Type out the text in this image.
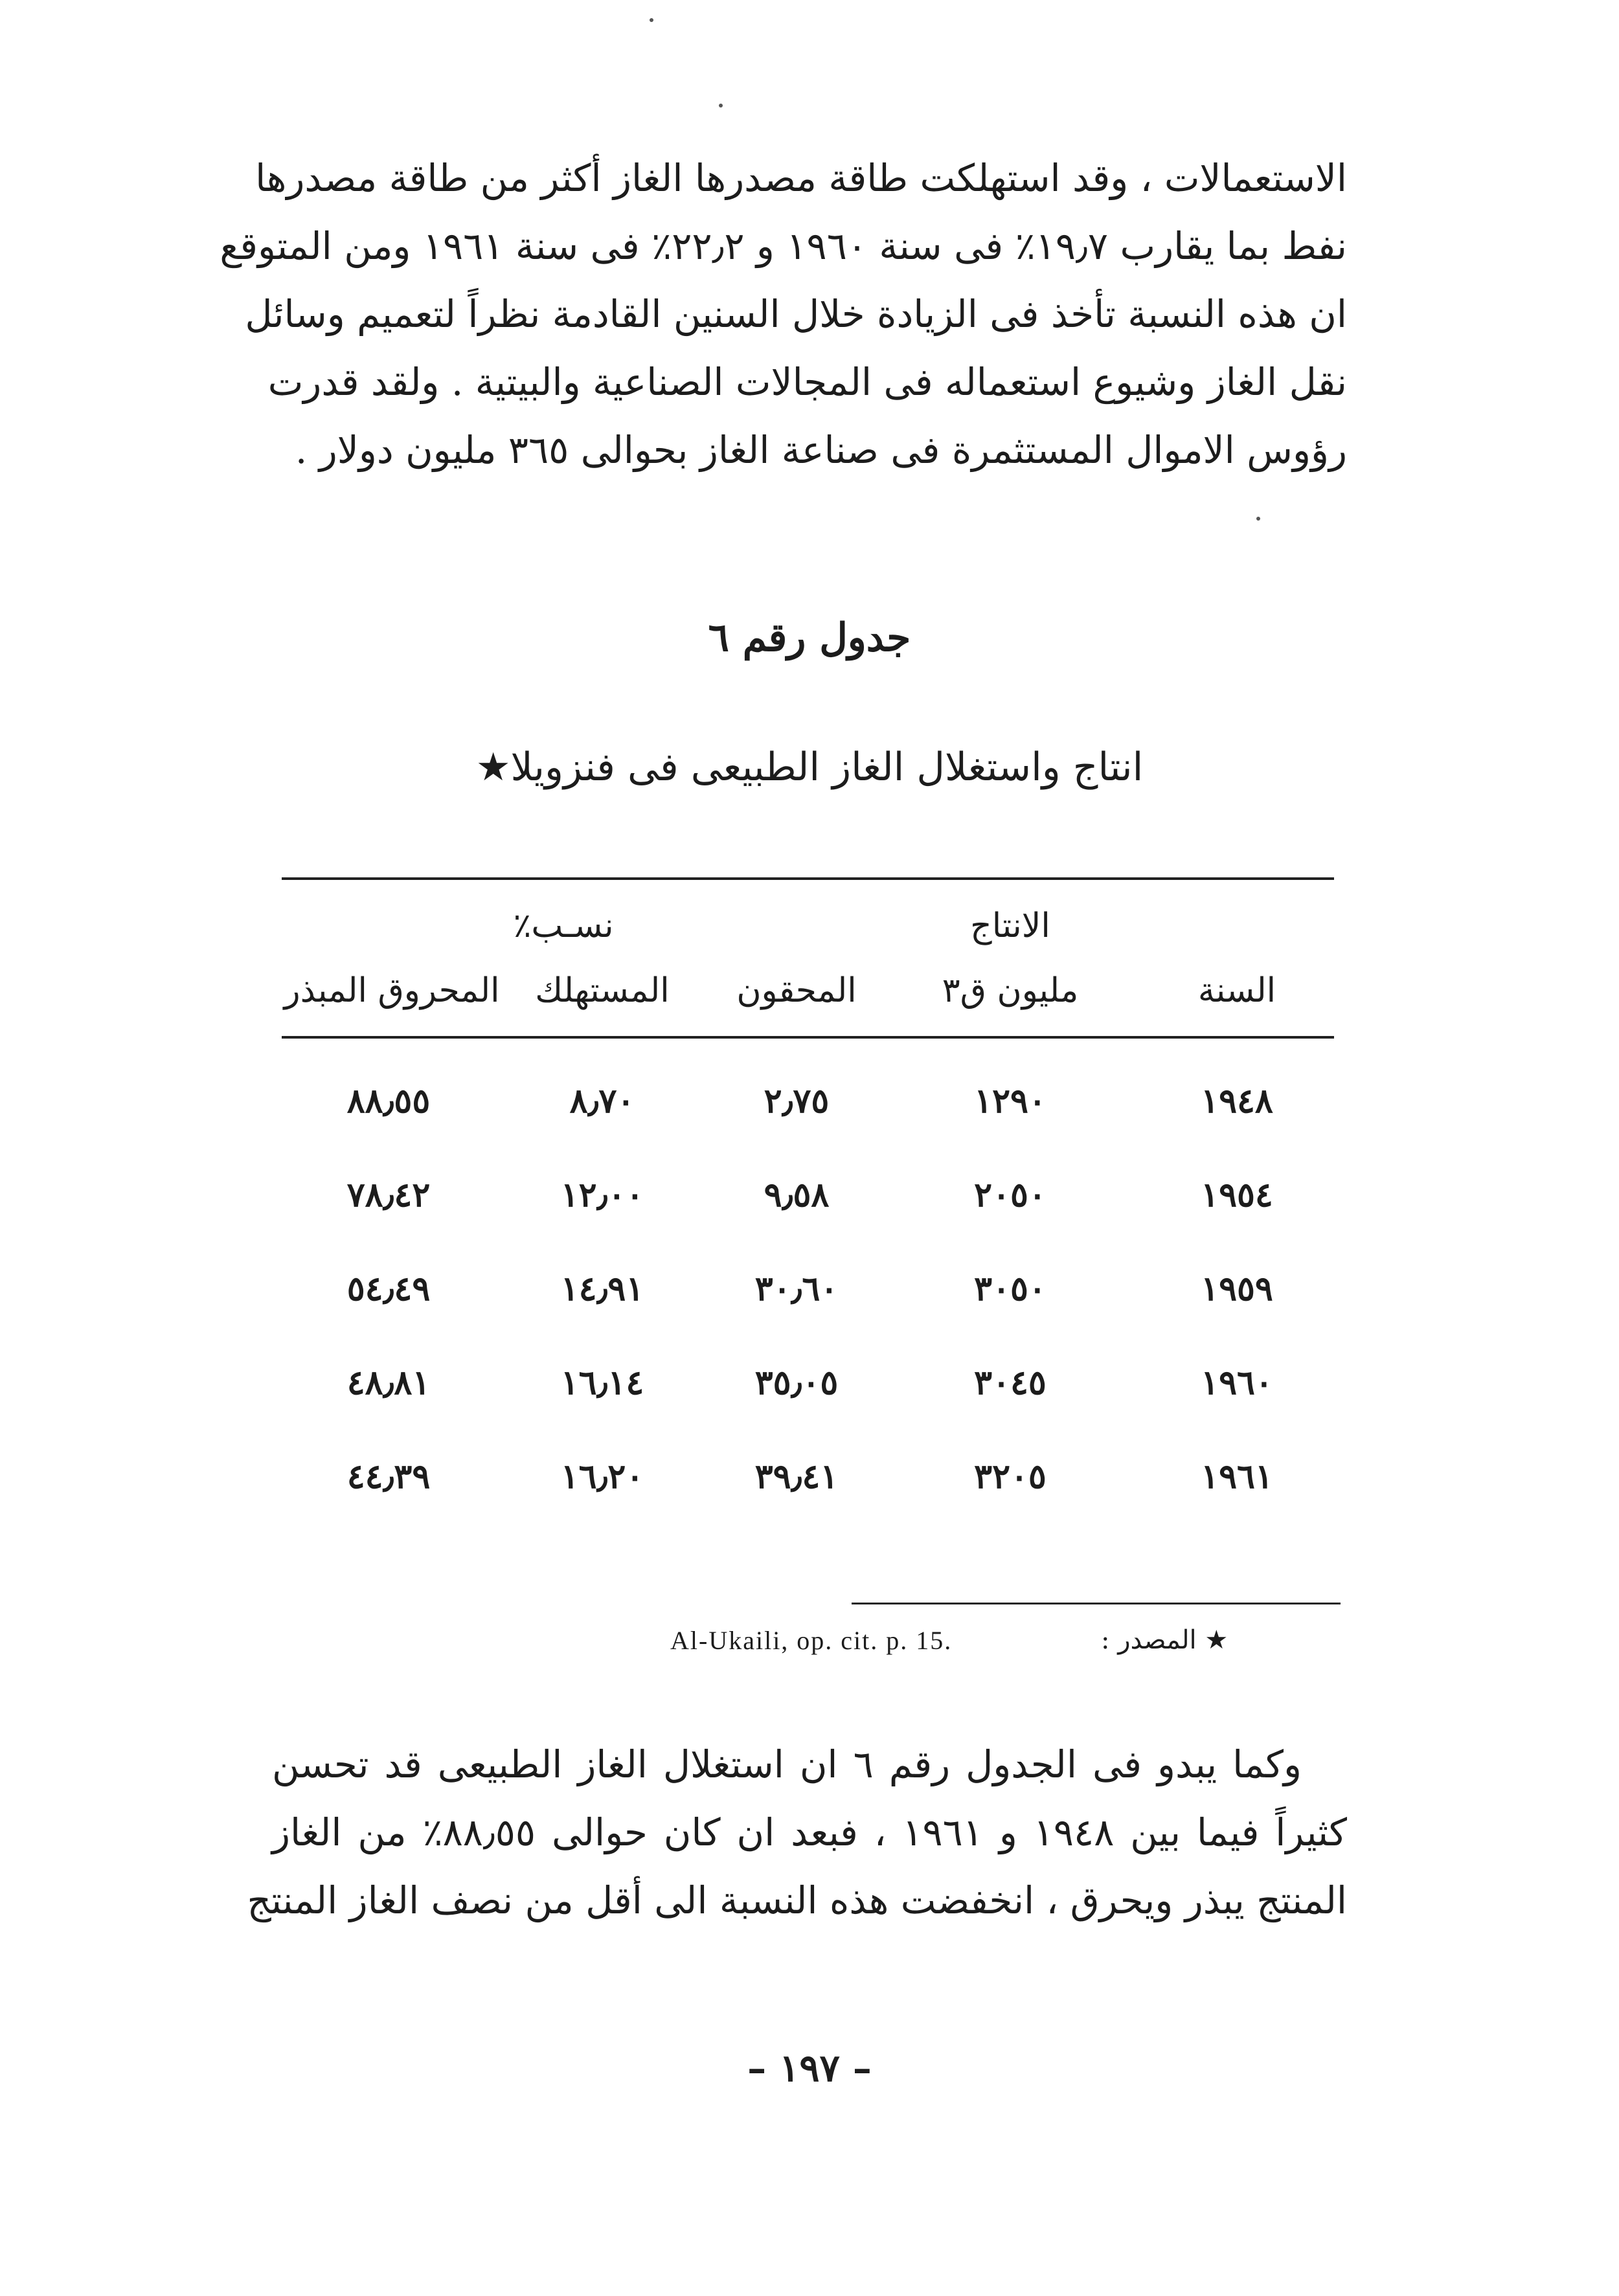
الاستعمالات ، وقد استهلكت طاقة مصدرها الغاز أكثر من طاقة مصدرها
نفط بما يقارب ١٩٫٧٪ فى سنة ١٩٦٠ و ٢٢٫٢٪ فى سنة ١٩٦١ ومن المتوقع
ان هذه النسبة تأخذ فى الزيادة خلال السنين القادمة نظراً لتعميم وسائل
نقل الغاز وشيوع استعماله فى المجالات الصناعية والبيتية . ولقد قدرت
رؤوس الاموال المستثمرة فى صناعة الغاز بحوالى ٣٦٥ مليون دولار .
جدول رقم ٦
انتاج واستغلال الغاز الطبيعى فى فنزويلا★
الانتاج
نسـب٪
السنة
مليون ق٣
المحقون
المستهلك
المحروق المبذر
١٩٤٨
١٢٩٠
٢٫٧٥
٨٫٧٠
٨٨٫٥٥
١٩٥٤
٢٠٥٠
٩٫٥٨
١٢٫٠٠
٧٨٫٤٢
١٩٥٩
٣٠٥٠
٣٠٫٦٠
١٤٫٩١
٥٤٫٤٩
١٩٦٠
٣٠٤٥
٣٥٫٠٥
١٦٫١٤
٤٨٫٨١
١٩٦١
٣٢٠٥
٣٩٫٤١
١٦٫٢٠
٤٤٫٣٩
★ المصدر :
Al-Ukaili, op. cit. p. 15.
وكما يبدو فى الجدول رقم ٦ ان استغلال الغاز الطبيعى قد تحسن
كثيراً فيما بين ١٩٤٨ و ١٩٦١ ، فبعد ان كان حوالى ٨٨٫٥٥٪ من الغاز
المنتج يبذر ويحرق ، انخفضت هذه النسبة الى أقل من نصف الغاز المنتج
– ١٩٧ –
